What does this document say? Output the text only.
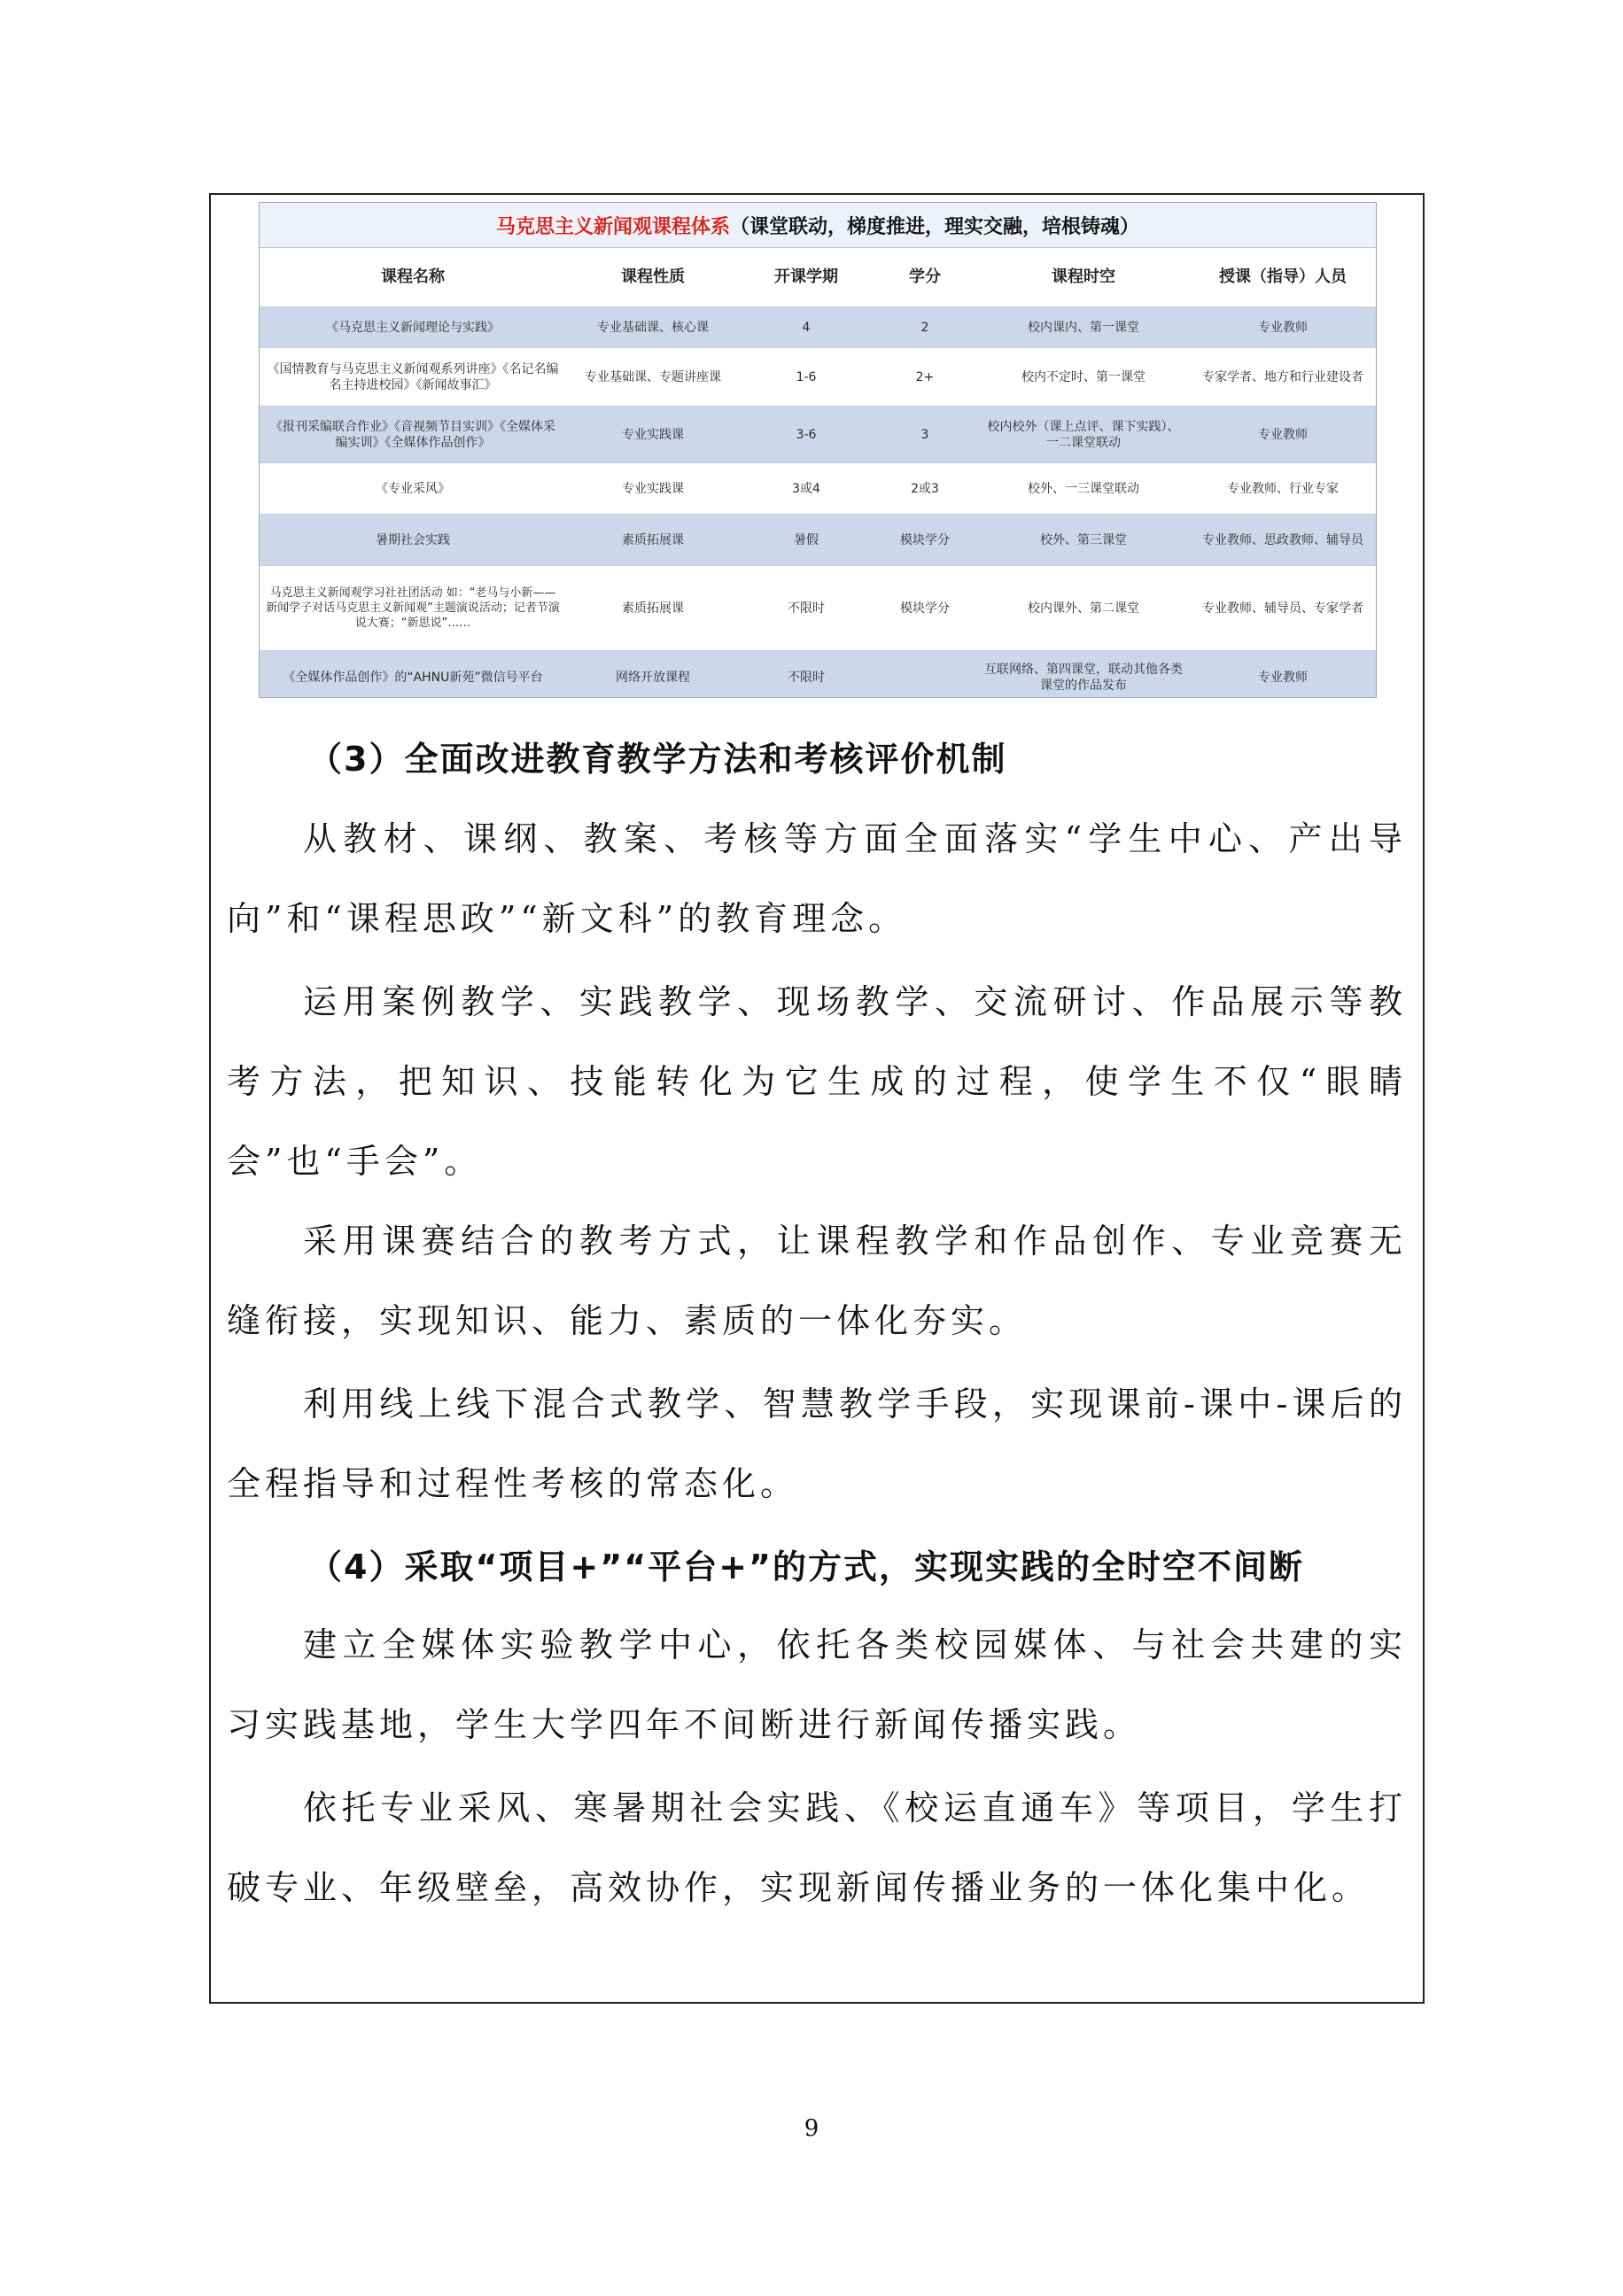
马克思主义新闻观课程体系 （课堂联动，梯度推进，理实交融，培根铸魂）
课程名称	课程性质	开课学期	学分	课程时空	授课（指导）人员
《马克思主义新闻理论与实践》	专业基础课、核心课	4	2	校内课内、第一课堂	专业教师
《国情教育与马克思主义新闻观系列讲座》《名记名编名主持进校园》《新闻故事汇》	专业基础课、专题讲座课	1-6	2+	校内不定时、第一课堂	专家学者、地方和行业建设者
《报刊采编联合作业》《音视频节目实训》《全媒体采编实训》《全媒体作品创作》	专业实践课	3-6	3	校内校外（课上点评、课下实践）、一二课堂联动	专业教师
《专业采风》	专业实践课	3或4	2或3	校外、一三课堂联动	专业教师、行业专家
暑期社会实践	素质拓展课	暑假	模块学分	校外、第三课堂	专业教师、思政教师、辅导员
马克思主义新闻观学习社社团活动 如：“老马与小新——新闻学子对话马克思主义新闻观”主题演说活动；记者节演说大赛；“新思说”……	素质拓展课	不限时	模块学分	校内课外、第二课堂	专业教师、辅导员、专家学者
《全媒体作品创作》的“AHNU新苑”微信号平台	网络开放课程	不限时		互联网络、第四课堂，联动其他各类课堂的作品发布	专业教师
（3）全面改进教育教学方法和考核评价机制

从教材、课纲、教案、考核等方面全面落实“学生中心、产出导向”和“课程思政”“新文科”的教育理念。

运用案例教学、实践教学、现场教学、交流研讨、作品展示等教考方法，把知识、技能转化为它生成的过程，使学生不仅“眼睛会”也“手会”。

采用课赛结合的教考方式，让课程教学和作品创作、专业竞赛无缝衔接，实现知识、能力、素质的一体化夯实。

利用线上线下混合式教学、智慧教学手段，实现课前-课中-课后的全程指导和过程性考核的常态化。

（4）采取“项目+”“平台+”的方式，实现实践的全时空不间断

建立全媒体实验教学中心，依托各类校园媒体、与社会共建的实习实践基地，学生大学四年不间断进行新闻传播实践。

依托专业采风、寒暑期社会实践、《校运直通车》等项目，学生打破专业、年级壁垒，高效协作，实现新闻传播业务的一体化集中化。

9
